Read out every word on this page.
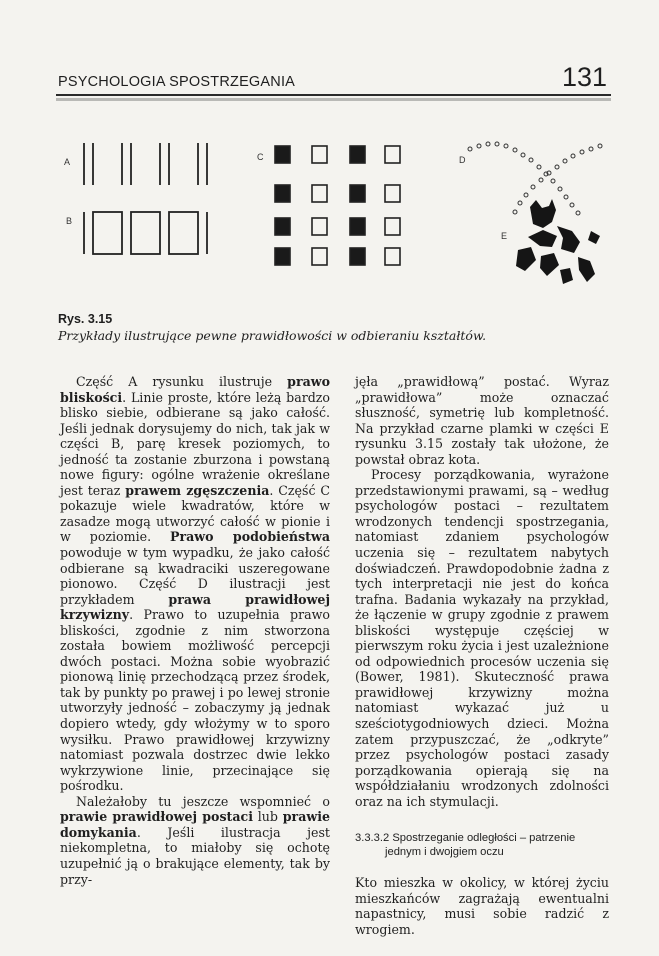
PSYCHOLOGIA SPOSTRZEGANIA	131
A
B
C	D
E
Rys. 3.15
Przykłady ilustrujące pewne prawidłowości w odbieraniu kształtów.

Część A rysunku ilustruje prawo bliskości. Linie proste, które leżą bardzo blisko siebie, odbierane są jako całość. Jeśli jednak dorysujemy do nich, tak jak w części B, parę kresek poziomych, to jedność ta zostanie zburzona i powstaną nowe figury: ogólne wrażenie określane jest teraz prawem zgęszczenia. Część C pokazuje wiele kwadratów, które w zasadze mogą utworzyć całość w pionie i w poziomie. Prawo podobieństwa powoduje w tym wypadku, że jako całość odbierane są kwadraciki uszeregowane pionowo. Część D ilustracji jest przykładem prawa prawidłowej krzywizny. Prawo to uzupełnia prawo bliskości, zgodnie z nim stworzona została bowiem możliwość percepcji dwóch postaci. Można sobie wyobrazić pionową linię przechodzącą przez środek, tak by punkty po prawej i po lewej stronie utworzyły jedność – zobaczymy ją jednak dopiero wtedy, gdy włożymy w to sporo wysiłku. Prawo prawidłowej krzywizny natomiast pozwala dostrzec dwie lekko wykrzywione linie, przecinające się pośrodku.

Należałoby tu jeszcze wspomnieć o prawie prawidłowej postaci lub prawie domykania. Jeśli ilustracja jest niekompletna, to miałoby się ochotę uzupełnić ją o brakujące elementy, tak by przy-

jęła „prawidłową” postać. Wyraz „prawidłowa” może oznaczać słuszność, symetrię lub kompletność. Na przykład czarne plamki w części E rysunku 3.15 zostały tak ułożone, że powstał obraz kota.

Procesy porządkowania, wyrażone przedstawionymi prawami, są – według psychologów postaci – rezultatem wrodzonych tendencji spostrzegania, natomiast zdaniem psychologów uczenia się – rezultatem nabytych doświadczeń. Prawdopodobnie żadna z tych interpretacji nie jest do końca trafna. Badania wykazały na przykład, że łączenie w grupy zgodnie z prawem bliskości występuje częściej w pierwszym roku życia i jest uzależnione od odpowiednich procesów uczenia się (Bower, 1981). Skuteczność prawa prawidłowej krzywizny można natomiast wykazać już u sześciotygodniowych dzieci. Można zatem przypuszczać, że „odkryte” przez psychologów postaci zasady porządkowania opierają się na współdziałaniu wrodzonych zdolności oraz na ich stymulacji.

3.3.3.2 Spostrzeganie odległości – patrzenie
jednym i dwojgiem oczu

Kto mieszka w okolicy, w której życiu mieszkańców zagrażają ewentualni napastnicy, musi sobie radzić z wrogiem.
